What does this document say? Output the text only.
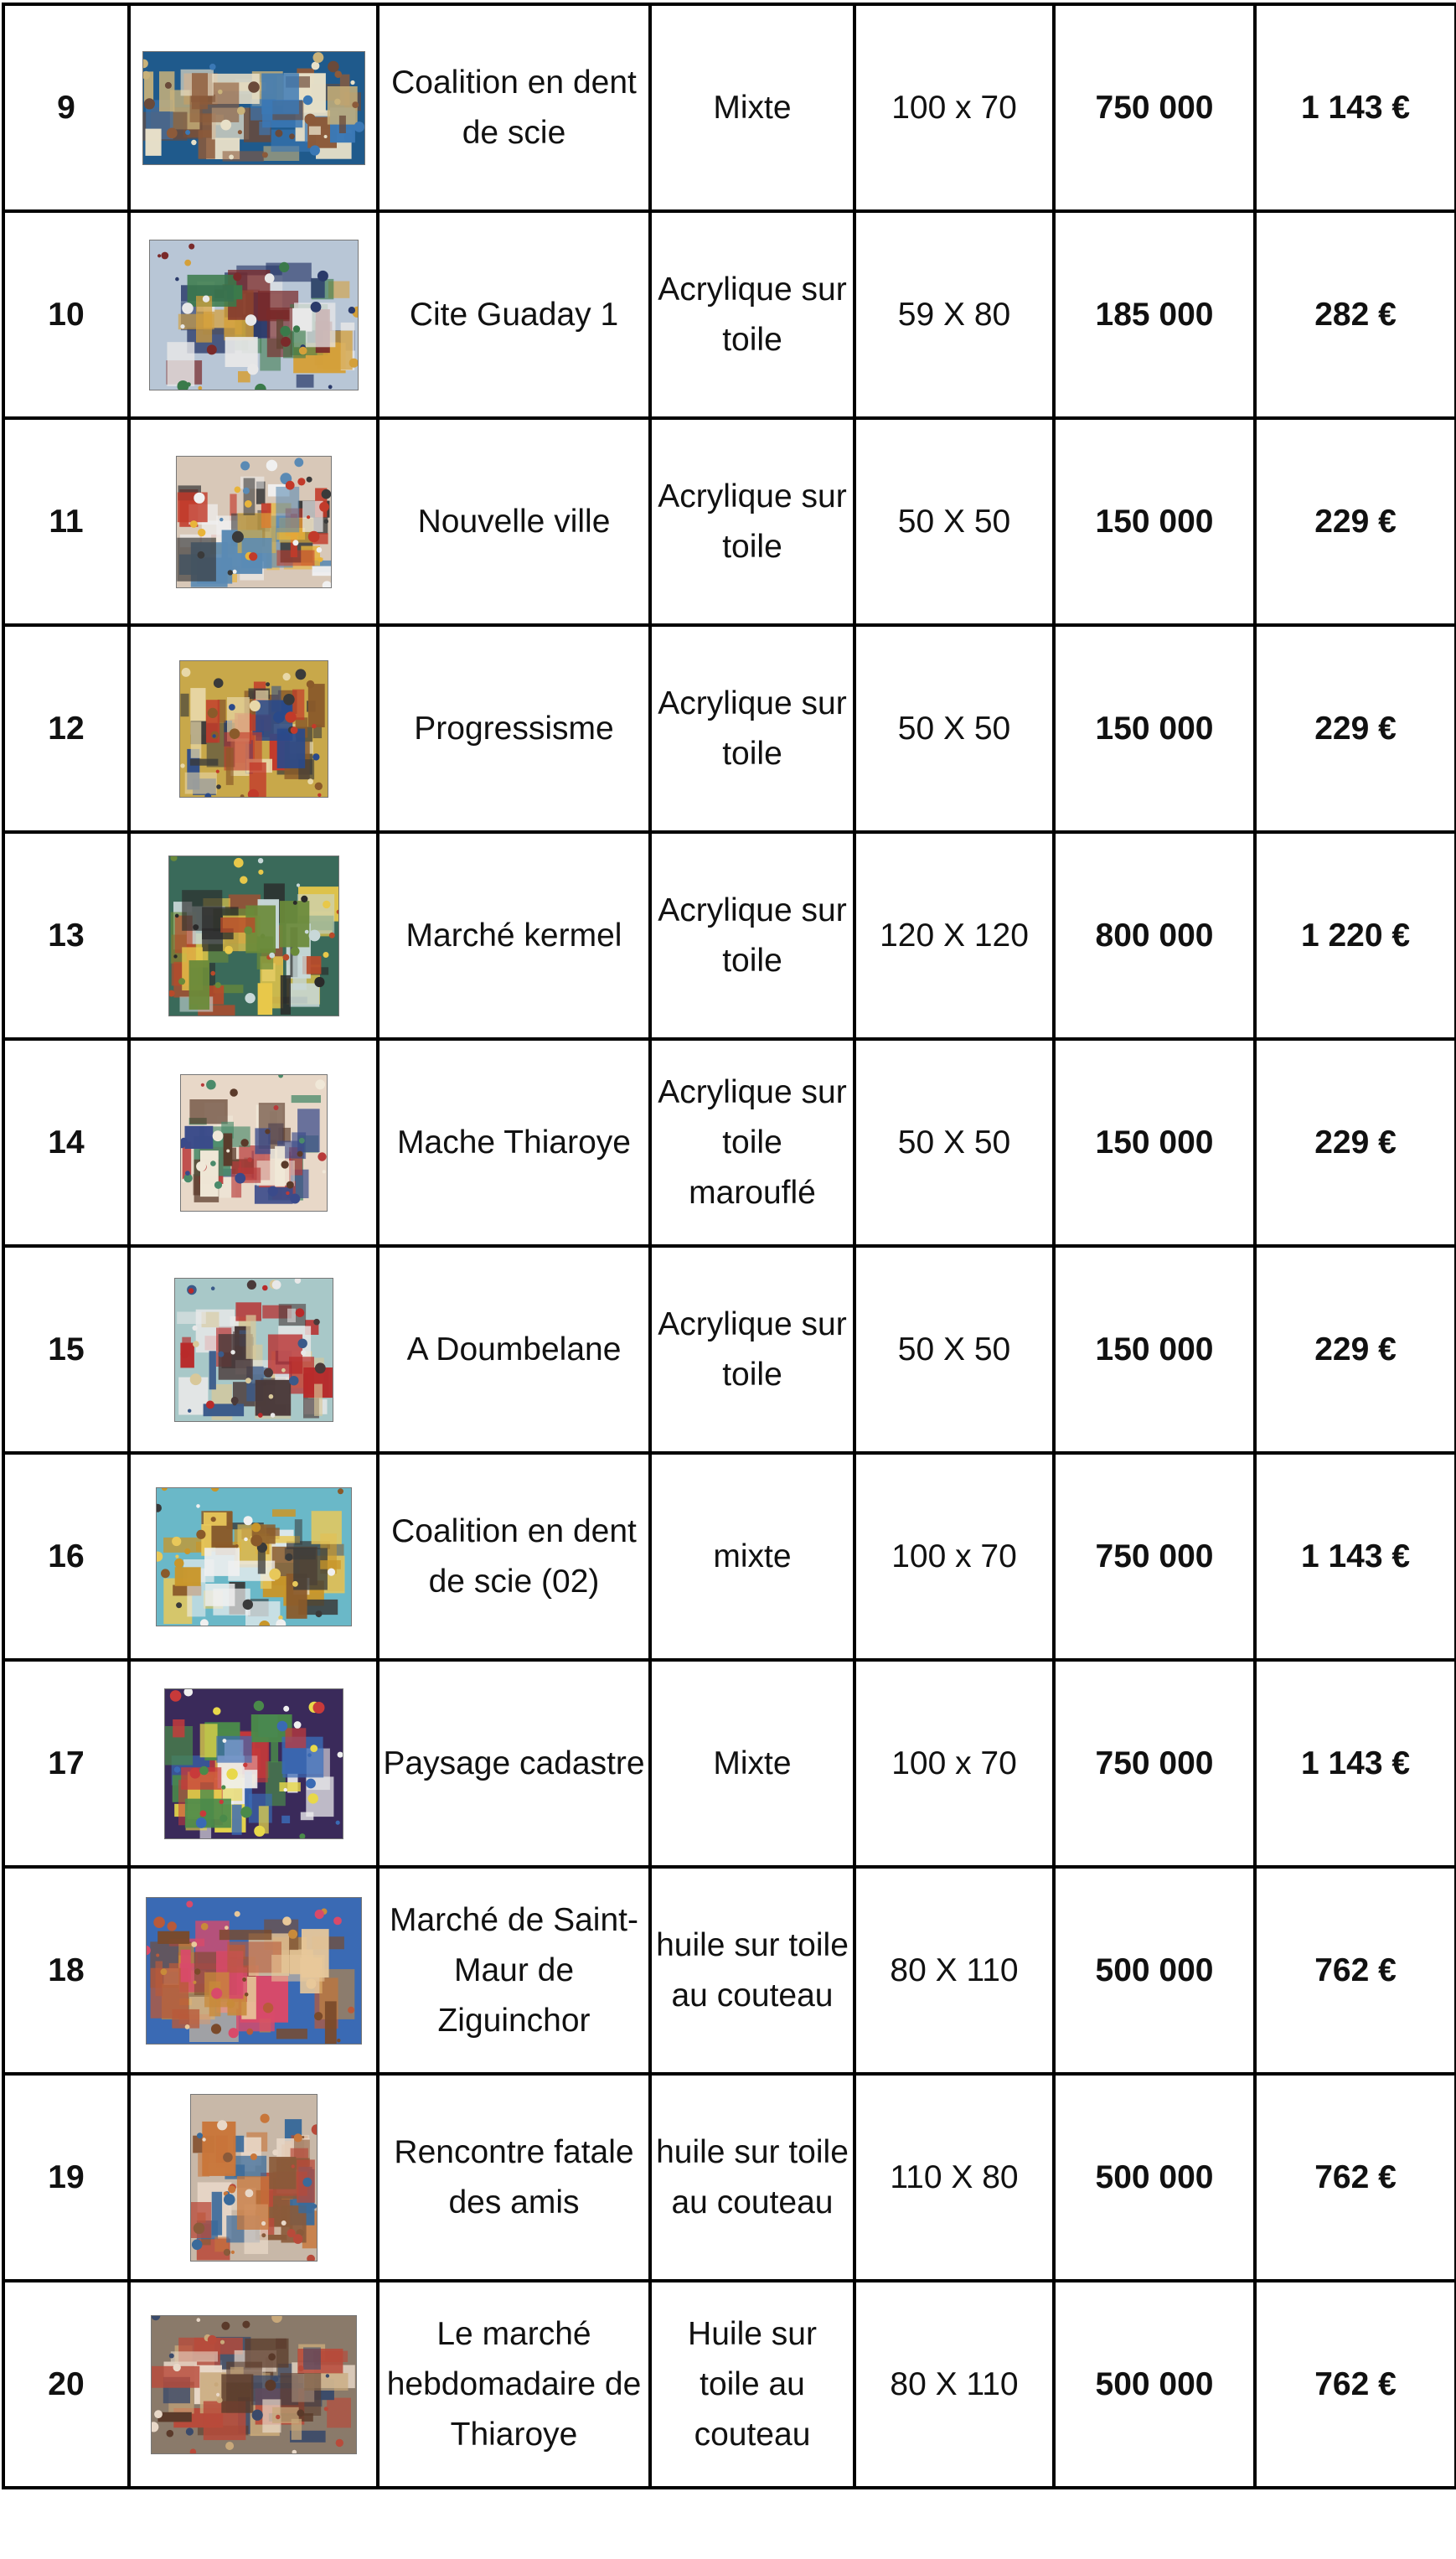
9		Coalition en dent de scie	Mixte	100 x 70	750 000	1 143 €
10		Cite Guaday 1	Acrylique sur toile	59 X 80	185 000	282 €
11		Nouvelle ville	Acrylique sur toile	50 X 50	150 000	229 €
12		Progressisme	Acrylique sur toile	50 X 50	150 000	229 €
13		Marché kermel	Acrylique sur toile	120 X 120	800 000	1 220 €
14		Mache Thiaroye	Acrylique sur toile marouflé	50 X 50	150 000	229 €
15		A Doumbelane	Acrylique sur toile	50 X 50	150 000	229 €
16		Coalition en dent de scie (02)	mixte	100 x 70	750 000	1 143 €
17		Paysage cadastre	Mixte	100 x 70	750 000	1 143 €
18		Marché de Saint-Maur de Ziguinchor	huile sur toile au couteau	80 X 110	500 000	762 €
19		Rencontre fatale des amis	huile sur toile au couteau	110 X 80	500 000	762 €
20		Le marché hebdomadaire de Thiaroye	Huile sur toile au couteau	80 X 110	500 000	762 €
